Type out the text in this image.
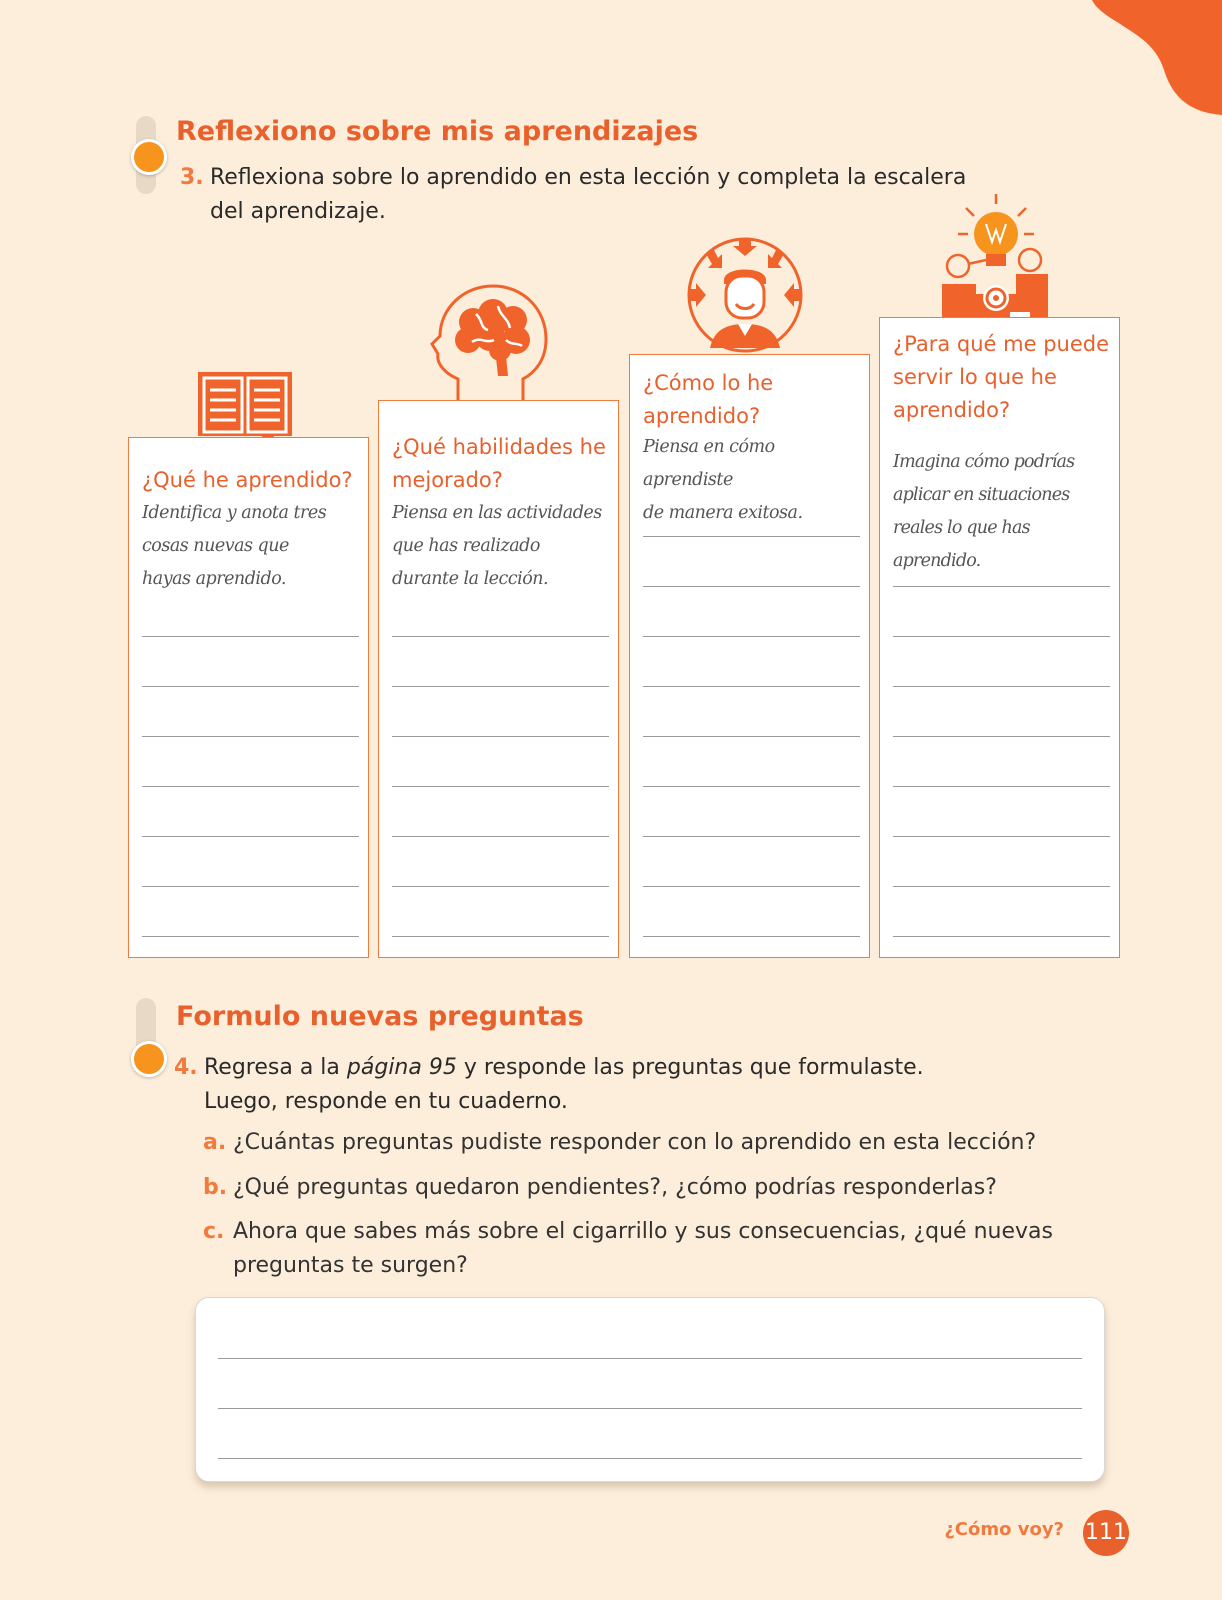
Reflexiono sobre mis aprendizajes
3. Reflexiona sobre lo aprendido en esta lección y completa la escalera
del aprendizaje.

¿Qué he aprendido?

Identifica y anota tres
cosas nuevas que
hayas aprendido.

¿Qué habilidades he
mejorado?

Piensa en las actividades
que has realizado
durante la lección.

¿Cómo lo he
aprendido?

Piensa en cómo aprendiste
de manera exitosa.

¿Para qué me puede
servir lo que he
aprendido?

Imagina cómo podrías
aplicar en situaciones
reales lo que has aprendido.

Formulo nuevas preguntas
4. Regresa a la página 95 y responde las preguntas que formulaste.
Luego, responde en tu cuaderno.
a. ¿Cuántas preguntas pudiste responder con lo aprendido en esta lección?
b. ¿Qué preguntas quedaron pendientes?, ¿cómo podrías responderlas?
c. Ahora que sabes más sobre el cigarrillo y sus consecuencias, ¿qué nuevas
preguntas te surgen?
¿Cómo voy? 111
